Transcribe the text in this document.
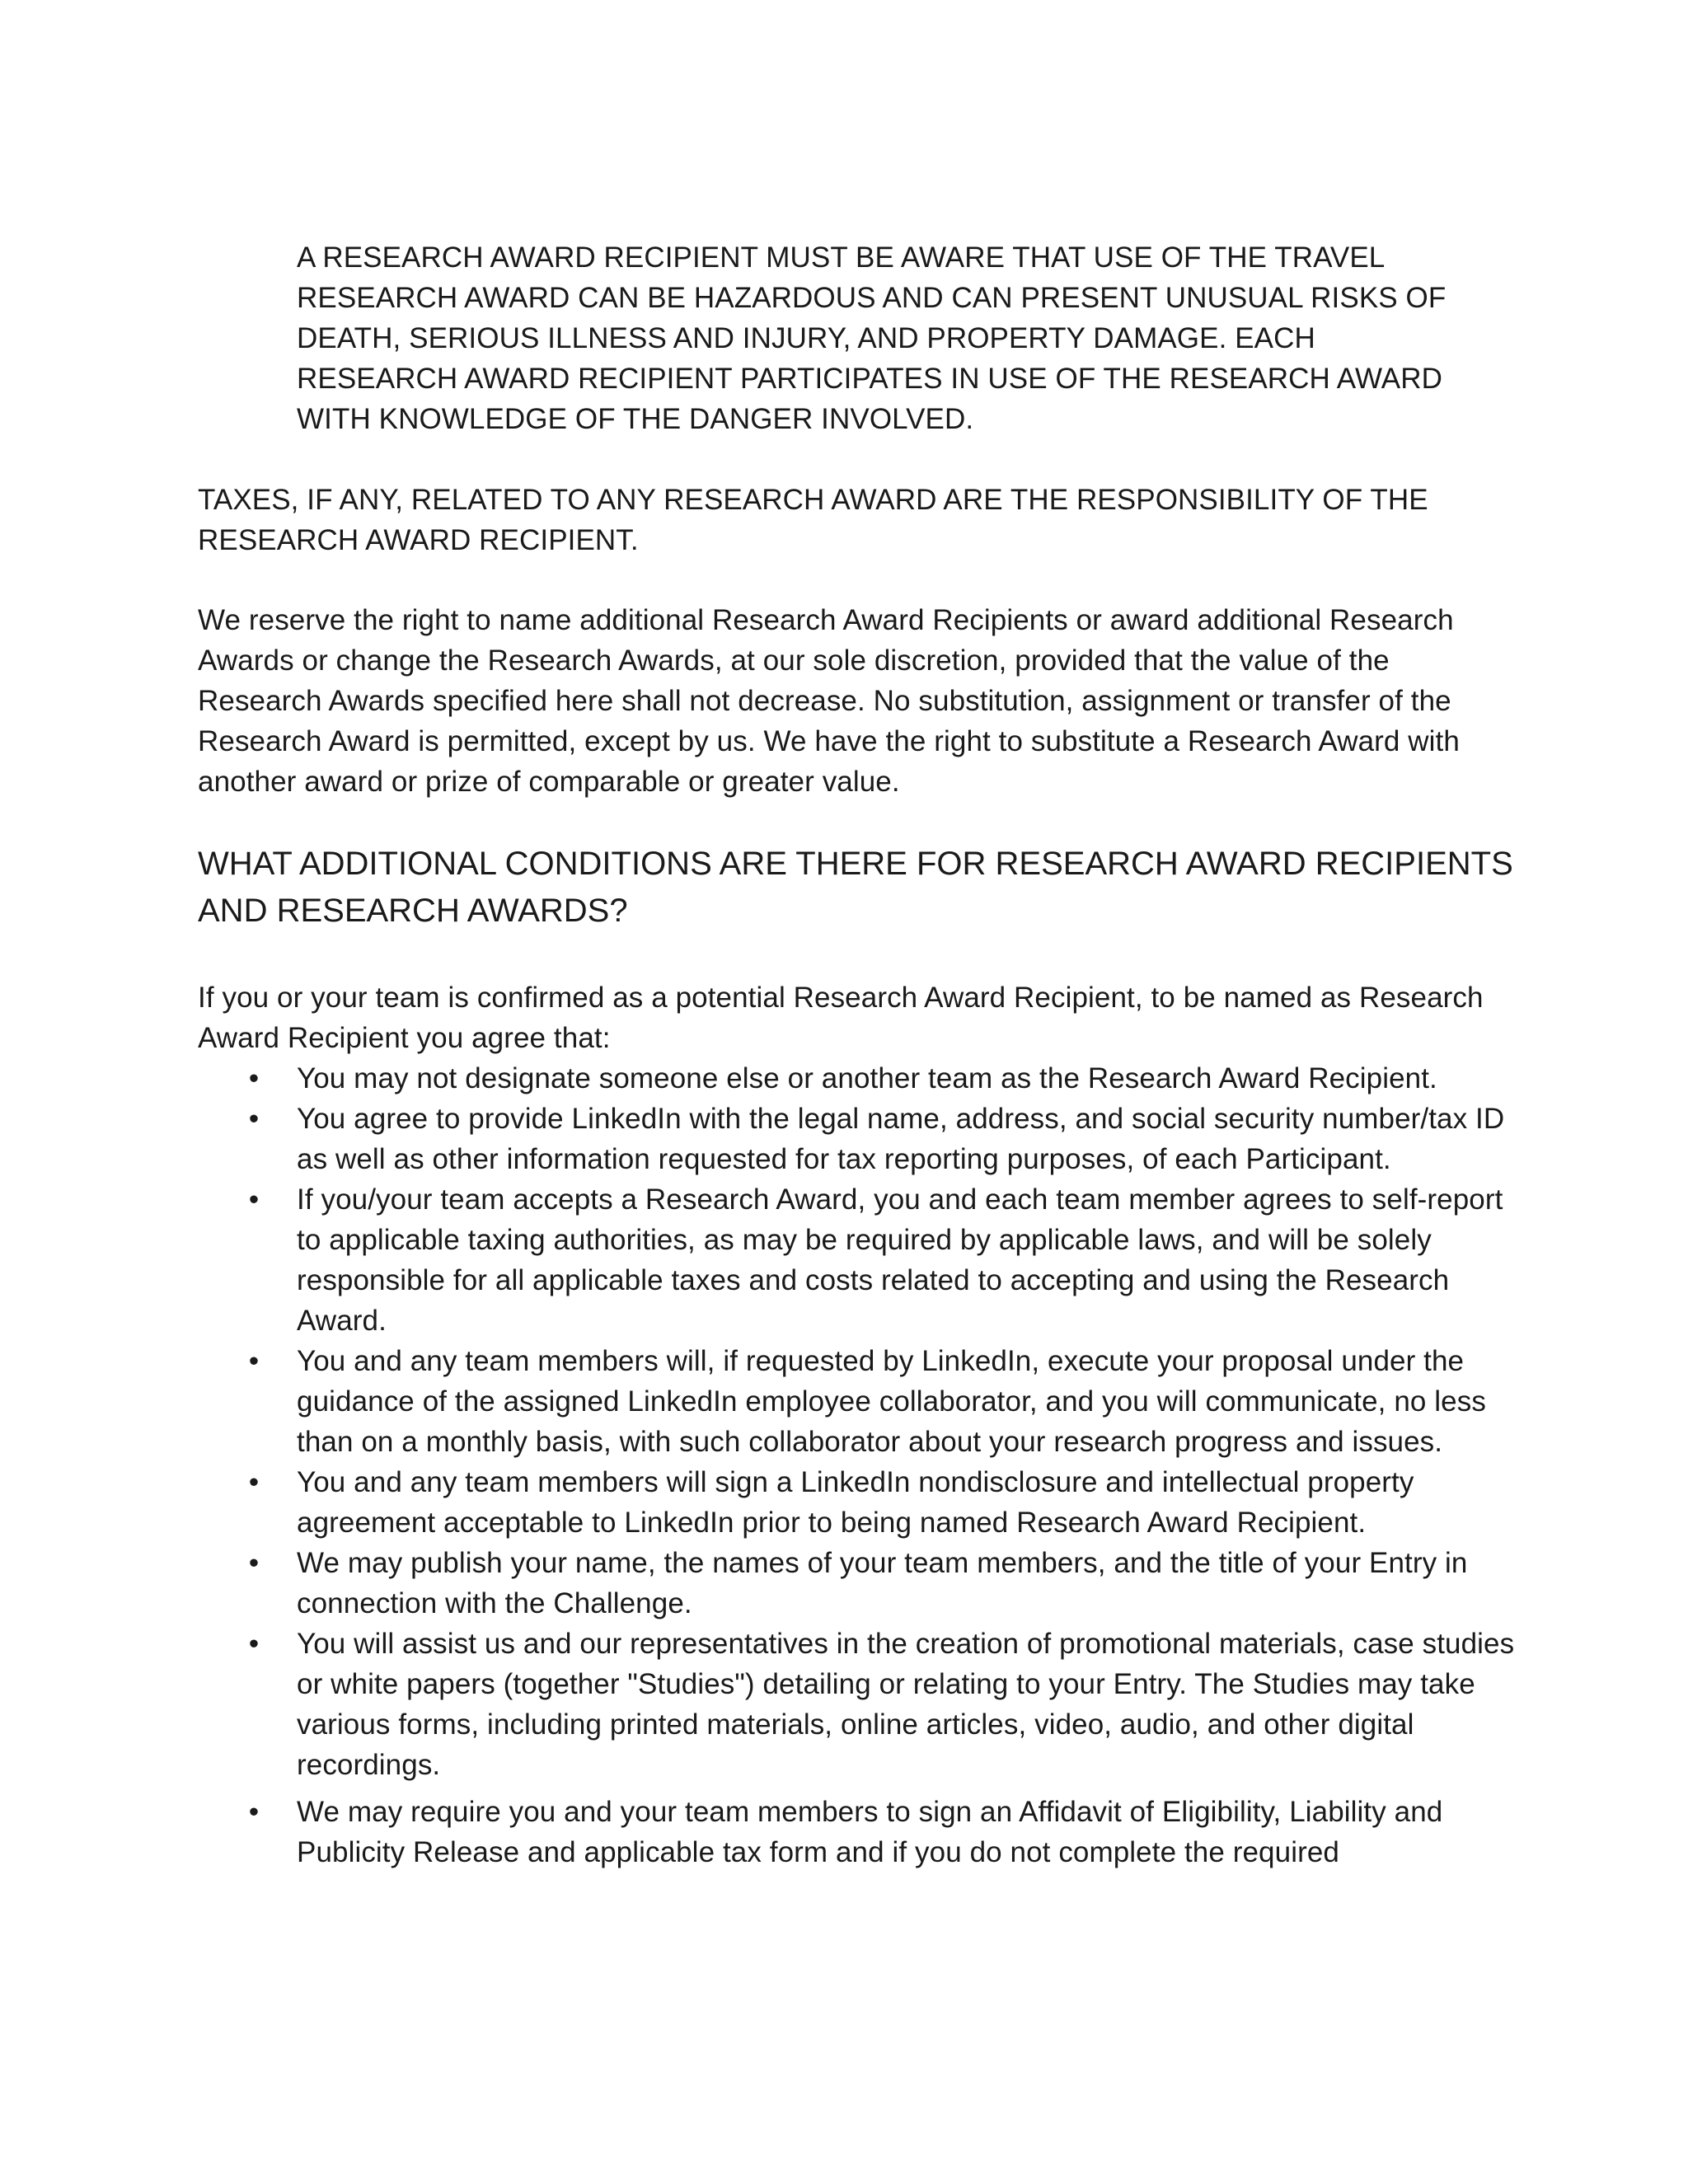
A RESEARCH AWARD RECIPIENT MUST BE AWARE THAT USE OF THE TRAVEL RESEARCH AWARD CAN BE HAZARDOUS AND CAN PRESENT UNUSUAL RISKS OF DEATH, SERIOUS ILLNESS AND INJURY, AND PROPERTY DAMAGE. EACH RESEARCH AWARD RECIPIENT PARTICIPATES IN USE OF THE RESEARCH AWARD WITH KNOWLEDGE OF THE DANGER INVOLVED.

TAXES, IF ANY, RELATED TO ANY RESEARCH AWARD ARE THE RESPONSIBILITY OF THE RESEARCH AWARD RECIPIENT.

We reserve the right to name additional Research Award Recipients or award additional Research Awards or change the Research Awards, at our sole discretion, provided that the value of the Research Awards specified here shall not decrease. No substitution, assignment or transfer of the Research Award is permitted, except by us. We have the right to substitute a Research Award with another award or prize of comparable or greater value.

WHAT ADDITIONAL CONDITIONS ARE THERE FOR RESEARCH AWARD RECIPIENTS AND RESEARCH AWARDS?

If you or your team is confirmed as a potential Research Award Recipient, to be named as Research Award Recipient you agree that:

• You may not designate someone else or another team as the Research Award Recipient.
• You agree to provide LinkedIn with the legal name, address, and social security number/tax ID as well as other information requested for tax reporting purposes, of each Participant.
• If you/your team accepts a Research Award, you and each team member agrees to self-report to applicable taxing authorities, as may be required by applicable laws, and will be solely responsible for all applicable taxes and costs related to accepting and using the Research Award.
• You and any team members will, if requested by LinkedIn, execute your proposal under the guidance of the assigned LinkedIn employee collaborator, and you will communicate, no less than on a monthly basis, with such collaborator about your research progress and issues.
• You and any team members will sign a LinkedIn nondisclosure and intellectual property agreement acceptable to LinkedIn prior to being named Research Award Recipient.
• We may publish your name, the names of your team members, and the title of your Entry in connection with the Challenge.
• You will assist us and our representatives in the creation of promotional materials, case studies or white papers (together "Studies") detailing or relating to your Entry. The Studies may take various forms, including printed materials, online articles, video, audio, and other digital recordings.
• We may require you and your team members to sign an Affidavit of Eligibility, Liability and Publicity Release and applicable tax form and if you do not complete the required
